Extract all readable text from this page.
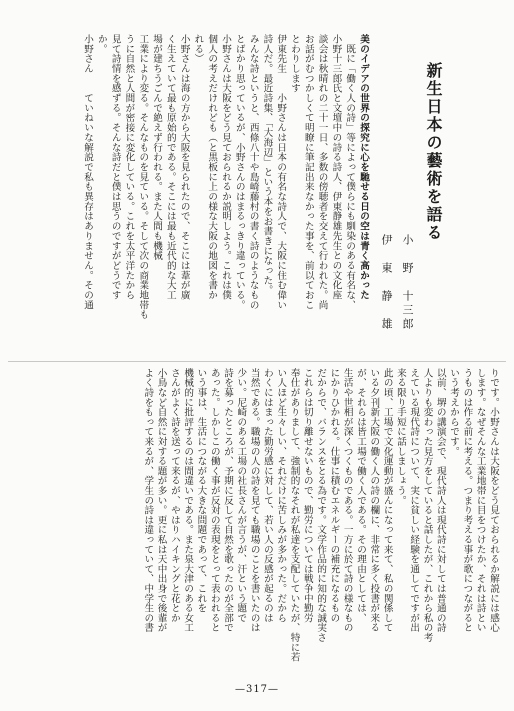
新生日本の藝術を語る
小　野　十三郎
伊　東　静　雄
美のイデアの世界の探究に心を馳せる日の空は青く高かった
　既に「働く人の詩」等によって僕らにも馴染のある有名な、
小野十三郎氏と文壇中の詩る詩人、伊東静雄先生との文化座
談会は秋晴れの二十一日、多数の傍聴者を交えて行われた。尚
お話がむつかしくて明瞭に筆記出来なかった事を、前以ておこ
とわりします
伊東先生　　小野さんは日本の有名な詩人で、大阪に住む偉い
詩人だ。最近詩集、「大海辺」という本をお書きになった。
みんな詩というと、西條八十や島崎藤村の書く詩のようなもの
とばかり思っているが、小野さんのはまるっきり違っている。
小野さんは大阪をどう見ておられるか説明しよう。これは僕
個人の考えだけれども（と黒板に上の様な大阪の地図を書か
れる）
小野さんは海の方から大阪を見られたので、そこには葦が廣
く生えていて最も原始的である。そこには最も近代的な大工
場が建ちうごんで絶えず行われる。また人間も機械
工業により変る。そんなものを見ている。そして次の商業地帯も
うに自然と人間が密接に変化している。これを太平洋たから
見て詩情を感ずる。そんな詩だと僕は思うのですがどうです
か。
小野さん　　ていねいな解説で私も異存はありません。その通
りです。小野さんは大阪をどう見ておられるか解説には感心
します。なぜそんな工業地帯に目をつけたか、それは詩とい
うものは作る前に考える。つまり考える事が歌につながると
いう考えからです。
以前、堺の講演会で、現代詩人は現代詩に対しては普通の詩
人よりも変わった見方をしていると話したが、これから私の考
えている現代詩について、実に貧しい経験を通してですが出
来る限り手短に話しましょう。
此の頃、工場で文化運動が盛んになって来て、私の関係して
いる夕刊新大阪の働く人の詩の欄に、非常に多く投書が来る
が、それらは皆工場で働く人である。その理由としては、
生活や世相が深くつくものである。一方に於て詩の様なもの
にかりひかれる。仕事に積むエネルギーの補充になるもの
だからで、バランスをとる為です。文学作品的に知的な誠実さ
これらは切り離せないもので、勤労については戦争中勤労
奉仕がありまして、強制的なそれが私達を支配していたが、特に若
い人ほど生々しい、それだけに苦しみが多かった。だから
わくにはまった勤労感に対して、若い人の反感が起るのは
当然である。職場の人の詩を見ても職場のことを書いたのは
少い。尼崎のある工場の社長さんが言うが、汗という題で
詩を募ったところが、予期に反して自然を歌ったのが全部で
あった。しかしこの働く事が反対の表現をとって表われると
いう事は、生活につながる大きな問題であって、これを
機械的に批評するのは間違いである。また泉大津のある女工
さんがよく詩を送って来るが、やはりハイキングと花とか
小鳥など自然に対する題が多い。更に私は天中出身で後輩が
よく詩をもって来るが、学生の詩は違っていて、中学生の書
—317—
